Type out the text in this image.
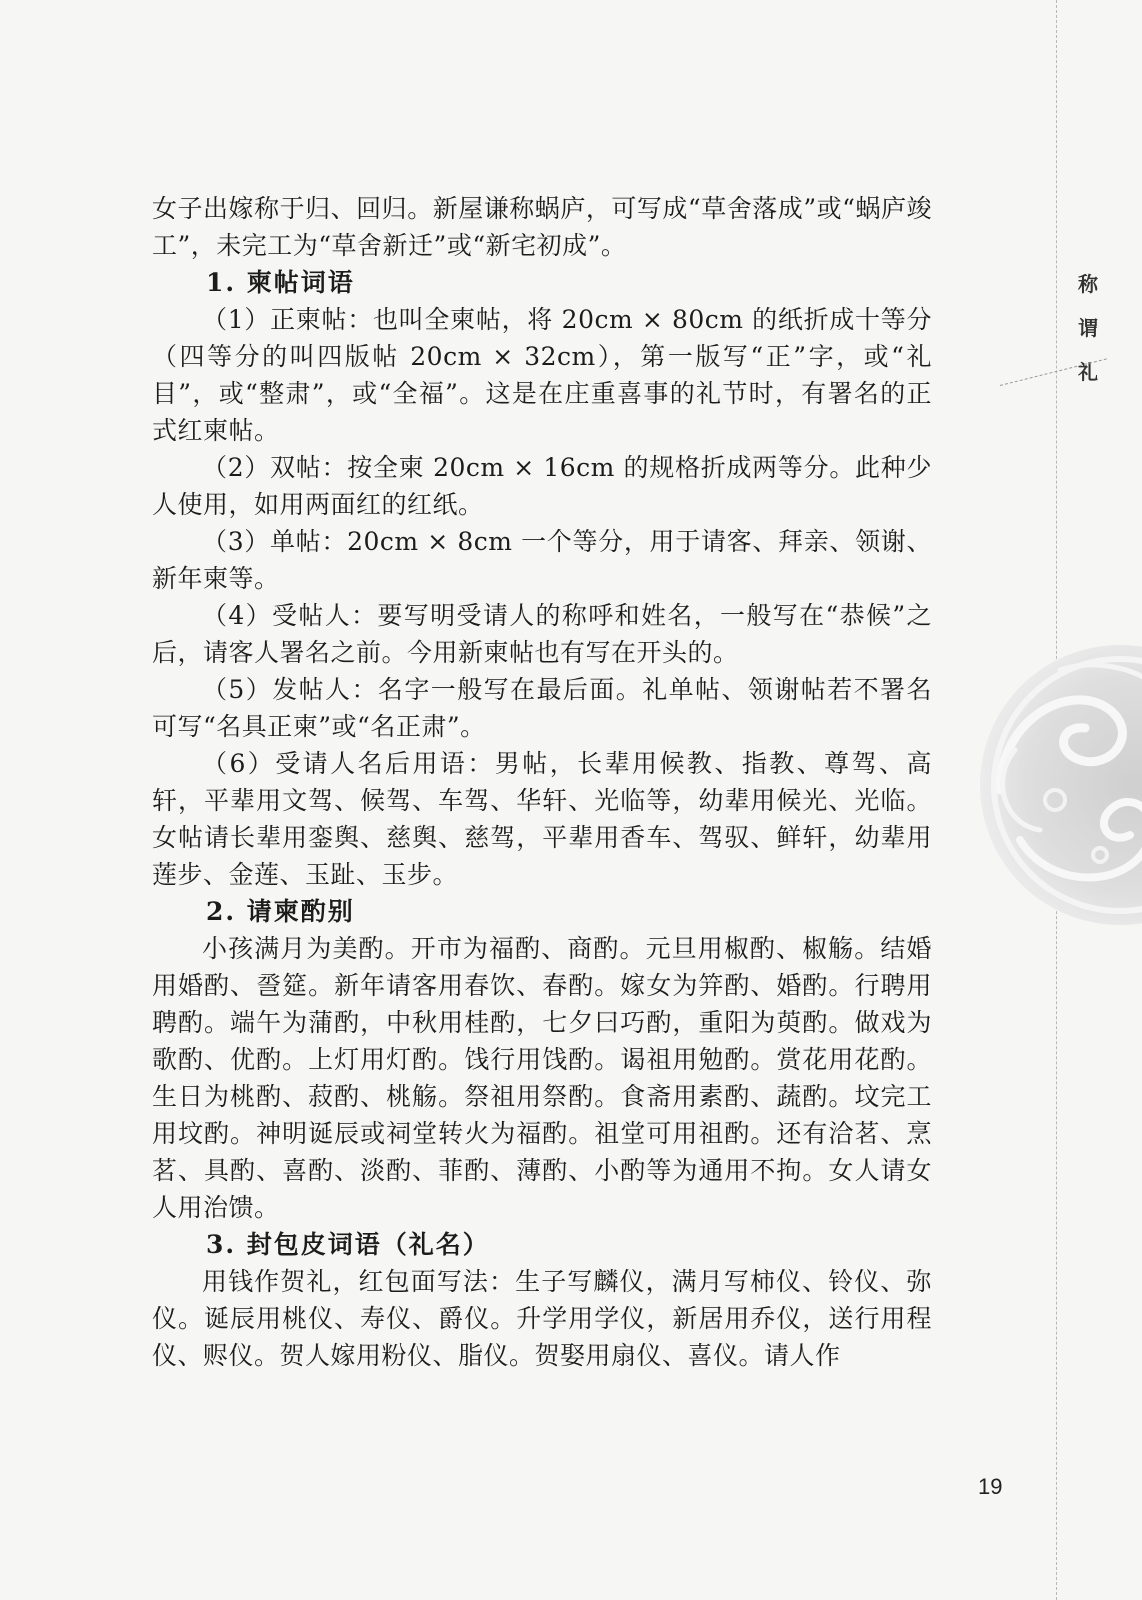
女子出嫁称于归、回归。新屋谦称蜗庐，可写成“草舍落成”或“蜗庐竣工”，未完工为“草舍新迁”或“新宅初成”。

1. 柬帖词语

（1）正柬帖：也叫全柬帖，将 20cm × 80cm 的纸折成十等分（四等分的叫四版帖 20cm × 32cm），第一版写“正”字，或“礼目”，或“整肃”，或“全福”。这是在庄重喜事的礼节时，有署名的正式红柬帖。

（2）双帖：按全柬 20cm × 16cm 的规格折成两等分。此种少人使用，如用两面红的红纸。

（3）单帖：20cm × 8cm 一个等分，用于请客、拜亲、领谢、新年柬等。

（4）受帖人：要写明受请人的称呼和姓名，一般写在“恭候”之后，请客人署名之前。今用新柬帖也有写在开头的。

（5）发帖人：名字一般写在最后面。礼单帖、领谢帖若不署名可写“名具正柬”或“名正肃”。

（6）受请人名后用语：男帖，长辈用候教、指教、尊驾、高轩，平辈用文驾、候驾、车驾、华轩、光临等，幼辈用候光、光临。女帖请长辈用銮舆、慈舆、慈驾，平辈用香车、驾驭、鲜轩，幼辈用莲步、金莲、玉趾、玉步。

2. 请柬酌别

小孩满月为美酌。开市为福酌、商酌。元旦用椒酌、椒觞。结婚用婚酌、巹筵。新年请客用春饮、春酌。嫁女为笄酌、婚酌。行聘用聘酌。端午为蒲酌，中秋用桂酌，七夕曰巧酌，重阳为萸酌。做戏为歌酌、优酌。上灯用灯酌。饯行用饯酌。谒祖用勉酌。赏花用花酌。生日为桃酌、菽酌、桃觞。祭祖用祭酌。食斋用素酌、蔬酌。坟完工用坟酌。神明诞辰或祠堂转火为福酌。祖堂可用祖酌。还有洽茗、烹茗、具酌、喜酌、淡酌、菲酌、薄酌、小酌等为通用不拘。女人请女人用治馈。

3. 封包皮词语（礼名）

用钱作贺礼，红包面写法：生子写麟仪，满月写柿仪、铃仪、弥仪。诞辰用桃仪、寿仪、爵仪。升学用学仪，新居用乔仪，送行用程仪、赆仪。贺人嫁用粉仪、脂仪。贺娶用扇仪、喜仪。请人作

称
谓
礼
19
